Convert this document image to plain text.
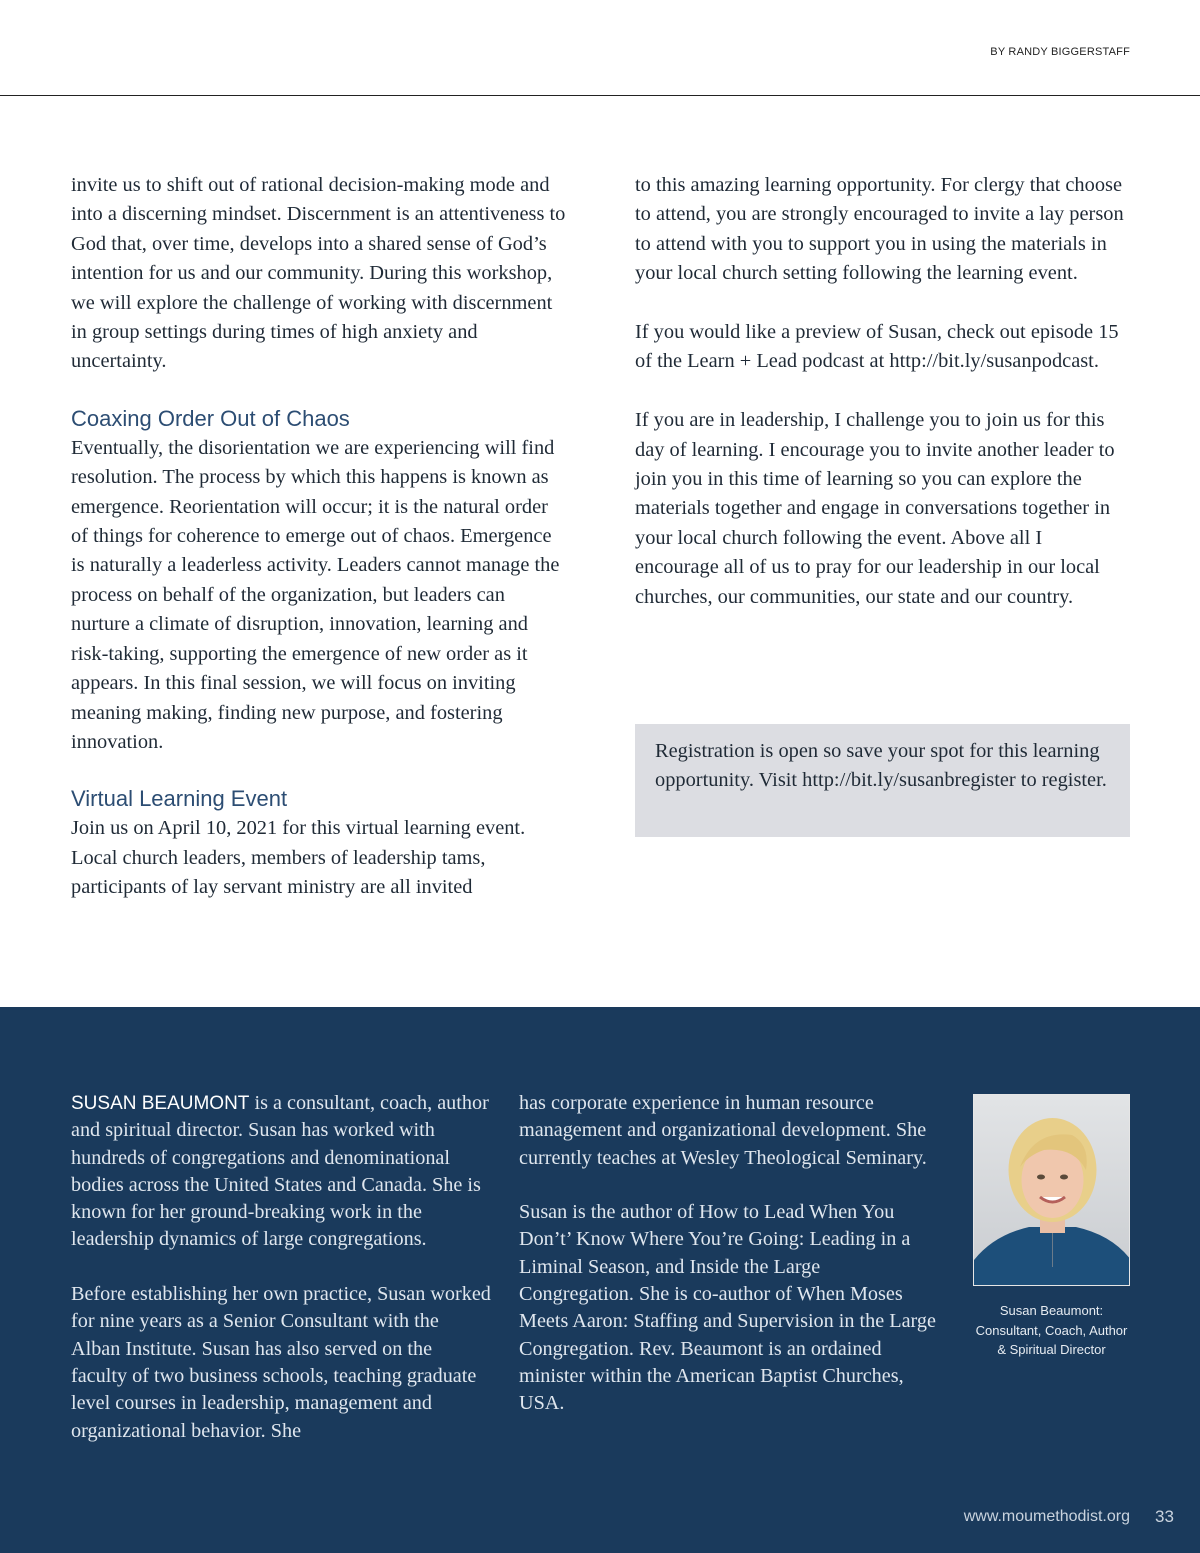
BY RANDY BIGGERSTAFF

invite us to shift out of rational decision-making mode and into a discerning mindset. Discernment is an attentiveness to God that, over time, develops into a shared sense of God’s intention for us and our community. During this workshop, we will explore the challenge of working with discernment in group settings during times of high anxiety and uncertainty.

Coaxing Order Out of Chaos

Eventually, the disorientation we are experiencing will find resolution. The process by which this happens is known as emergence. Reorientation will occur; it is the natural order of things for coherence to emerge out of chaos. Emergence is naturally a leaderless activity. Leaders cannot manage the process on behalf of the organization, but leaders can nurture a climate of disruption, innovation, learning and risk-taking, supporting the emergence of new order as it appears. In this final session, we will focus on inviting meaning making, finding new purpose, and fostering innovation.

Virtual Learning Event

Join us on April 10, 2021 for this virtual learning event. Local church leaders, members of leadership tams, participants of lay servant ministry are all invited

to this amazing learning opportunity. For clergy that choose to attend, you are strongly encouraged to invite a lay person to attend with you to support you in using the materials in your local church setting following the learning event.

If you would like a preview of Susan, check out episode 15 of the Learn + Lead podcast at http://bit.ly/susanpodcast.

If you are in leadership, I challenge you to join us for this day of learning. I encourage you to invite another leader to join you in this time of learning so you can explore the materials together and engage in conversations together in your local church following the event. Above all I encourage all of us to pray for our leadership in our local churches, our communities, our state and our country.

Registration is open so save your spot for this learning opportunity. Visit http://bit.ly/susanbregister to register.

SUSAN BEAUMONT is a consultant, coach, author and spiritual director. Susan has worked with hundreds of congregations and denominational bodies across the United States and Canada. She is known for her ground-breaking work in the leadership dynamics of large congregations.

Before establishing her own practice, Susan worked for nine years as a Senior Consultant with the Alban Institute. Susan has also served on the faculty of two business schools, teaching graduate level courses in leadership, management and organizational behavior. She

has corporate experience in human resource management and organizational development. She currently teaches at Wesley Theological Seminary.

Susan is the author of How to Lead When You Don’t’ Know Where You’re Going: Leading in a Liminal Season, and Inside the Large Congregation. She is co-author of When Moses Meets Aaron: Staffing and Supervision in the Large Congregation. Rev. Beaumont is an ordained minister within the American Baptist Churches, USA.

Susan Beaumont: Consultant, Coach, Author & Spiritual Director
www.moumethodist.org 33
